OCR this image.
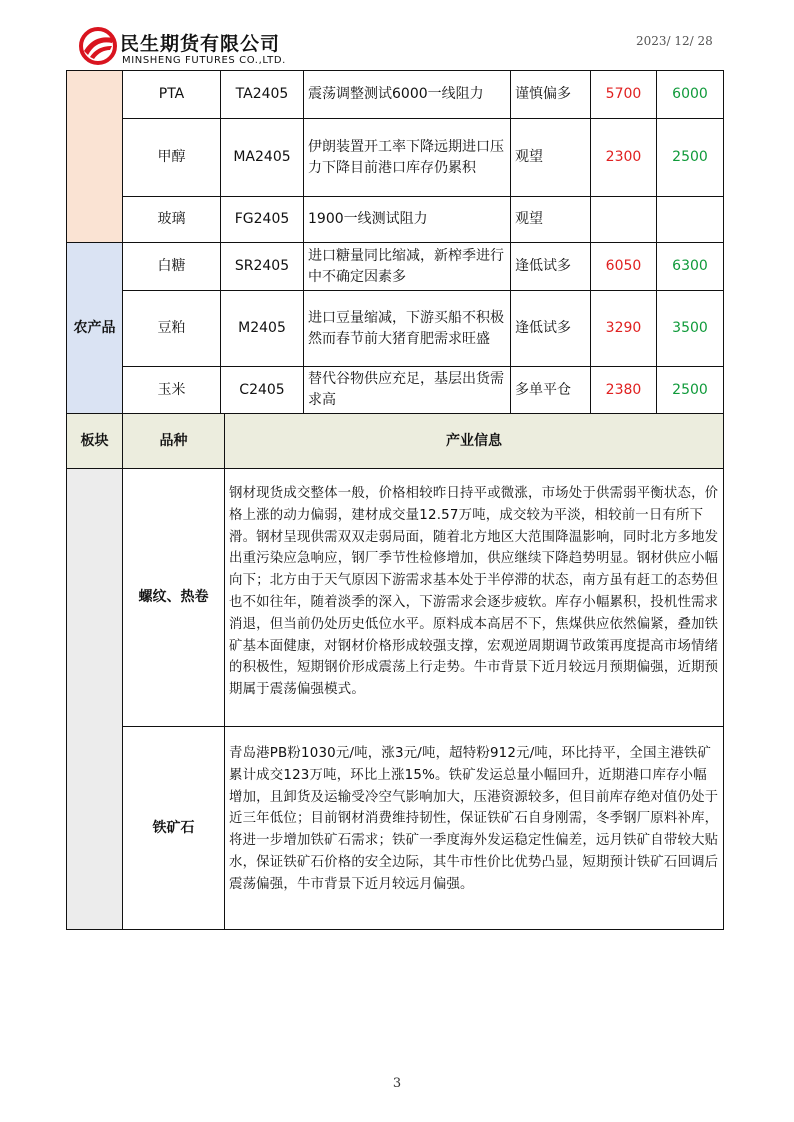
民生期货有限公司
MINSHENG FUTURES CO.,LTD.
2023/ 12/ 28
	PTA	TA2405	震荡调整测试6000一线阻力	谨慎偏多	5700	6000
	甲醇	MA2405	伊朗装置开工率下降远期进口压力下降目前港口库存仍累积	观望	2300	2500
	玻璃	FG2405	1900一线测试阻力	观望		
农产品	白糖	SR2405	进口糖量同比缩减，新榨季进行中不确定因素多	逢低试多	6050	6300
	豆粕	M2405	进口豆量缩减，下游买船不积极然而春节前大猪育肥需求旺盛	逢低试多	3290	3500
	玉米	C2405	替代谷物供应充足，基层出货需求高	多单平仓	2380	2500
板块	品种	产业信息
	螺纹、热卷	钢材现货成交整体一般，价格相较昨日持平或微涨，市场处于供需弱平衡状态，价格上涨的动力偏弱，建材成交量12.57万吨，成交较为平淡，相较前一日有所下滑。钢材呈现供需双双走弱局面，随着北方地区大范围降温影响，同时北方多地发出重污染应急响应，钢厂季节性检修增加，供应继续下降趋势明显。钢材供应小幅向下；北方由于天气原因下游需求基本处于半停滞的状态，南方虽有赶工的态势但也不如往年，随着淡季的深入，下游需求会逐步疲软。库存小幅累积，投机性需求消退，但当前仍处历史低位水平。原料成本高居不下，焦煤供应依然偏紧，叠加铁矿基本面健康，对钢材价格形成较强支撑，宏观逆周期调节政策再度提高市场情绪的积极性，短期钢价形成震荡上行走势。牛市背景下近月较远月预期偏强，近期预期属于震荡偏强模式。
	铁矿石	青岛港PB粉1030元/吨，涨3元/吨，超特粉912元/吨，环比持平，全国主港铁矿累计成交123万吨，环比上涨15%。铁矿发运总量小幅回升，近期港口库存小幅增加，且卸货及运输受冷空气影响加大，压港资源较多，但目前库存绝对值仍处于近三年低位；目前钢材消费维持韧性，保证铁矿石自身刚需，冬季钢厂原料补库，将进一步增加铁矿石需求；铁矿一季度海外发运稳定性偏差，远月铁矿自带较大贴水，保证铁矿石价格的安全边际，其牛市性价比优势凸显，短期预计铁矿石回调后震荡偏强，牛市背景下近月较远月偏强。
3
